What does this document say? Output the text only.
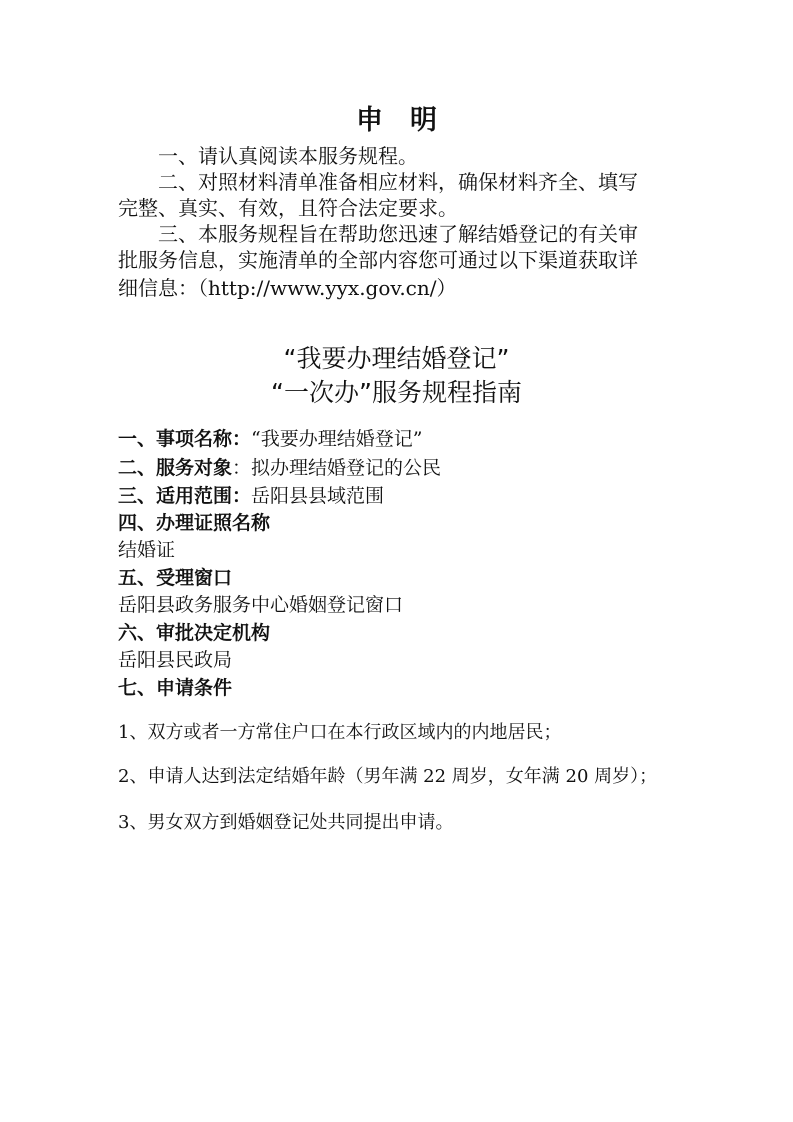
申　明
一、请认真阅读本服务规程。
二、对照材料清单准备相应材料，确保材料齐全、填写
完整、真实、有效，且符合法定要求。
三、本服务规程旨在帮助您迅速了解结婚登记的有关审
批服务信息，实施清单的全部内容您可通过以下渠道获取详
细信息：（http://www.yyx.gov.cn/）
“我要办理结婚登记”
“一次办”服务规程指南
一、事项名称：“我要办理结婚登记”
二、服务对象：拟办理结婚登记的公民
三、适用范围：岳阳县县域范围
四、办理证照名称
结婚证
五、受理窗口
岳阳县政务服务中心婚姻登记窗口
六、审批决定机构
岳阳县民政局
七、申请条件
1、双方或者一方常住户口在本行政区域内的内地居民；
2、申请人达到法定结婚年龄（男年满 22 周岁，女年满 20 周岁）；
3、男女双方到婚姻登记处共同提出申请。
